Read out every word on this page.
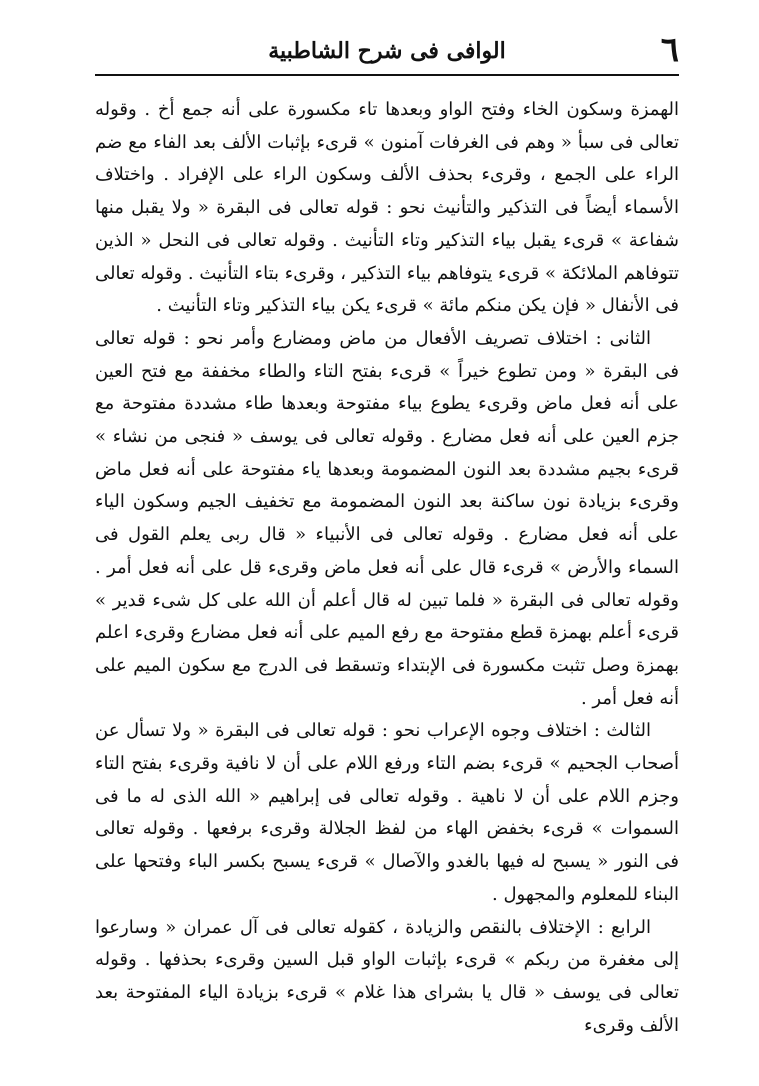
٦
الوافى فى شرح الشاطبية

الهمزة وسكون الخاء وفتح الواو وبعدها تاء مكسورة على أنه جمع أخ . وقوله تعالى فى سبأ « وهم فى الغرفات آمنون » قرىء بإثبات الألف بعد الفاء مع ضم الراء على الجمع ، وقرىء بحذف الألف وسكون الراء على الإفراد . واختلاف الأسماء أيضاً فى التذكير والتأنيث نحو : قوله تعالى فى البقرة « ولا يقبل منها شفاعة » قرىء يقبل بياء التذكير وتاء التأنيث . وقوله تعالى فى النحل « الذين تتوفاهم الملائكة » قرىء يتوفاهم بياء التذكير ، وقرىء بتاء التأنيث . وقوله تعالى فى الأنفال « فإن يكن منكم مائة » قرىء يكن بياء التذكير وتاء التأنيث .

الثانى : اختلاف تصريف الأفعال من ماض ومضارع وأمر نحو : قوله تعالى فى البقرة « ومن تطوع خيراً » قرىء بفتح التاء والطاء مخففة مع فتح العين على أنه فعل ماض وقرىء يطوع بياء مفتوحة وبعدها طاء مشددة مفتوحة مع جزم العين على أنه فعل مضارع . وقوله تعالى فى يوسف « فنجى من نشاء » قرىء بجيم مشددة بعد النون المضمومة وبعدها ياء مفتوحة على أنه فعل ماض وقرىء بزيادة نون ساكنة بعد النون المضمومة مع تخفيف الجيم وسكون الياء على أنه فعل مضارع . وقوله تعالى فى الأنبياء « قال ربى يعلم القول فى السماء والأرض » قرىء قال على أنه فعل ماض وقرىء قل على أنه فعل أمر . وقوله تعالى فى البقرة « فلما تبين له قال أعلم أن الله على كل شىء قدير » قرىء أعلم بهمزة قطع مفتوحة مع رفع الميم على أنه فعل مضارع وقرىء اعلم بهمزة وصل تثبت مكسورة فى الإبتداء وتسقط فى الدرج مع سكون الميم على أنه فعل أمر .

الثالث : اختلاف وجوه الإعراب نحو : قوله تعالى فى البقرة « ولا تسأل عن أصحاب الجحيم » قرىء بضم التاء ورفع اللام على أن لا نافية وقرىء بفتح التاء وجزم اللام على أن لا ناهية . وقوله تعالى فى إبراهيم « الله الذى له ما فى السموات » قرىء بخفض الهاء من لفظ الجلالة وقرىء برفعها . وقوله تعالى فى النور « يسبح له فيها بالغدو والآصال » قرىء يسبح بكسر الباء وفتحها على البناء للمعلوم والمجهول .

الرابع : الإختلاف بالنقص والزيادة ، كقوله تعالى فى آل عمران « وسارعوا إلى مغفرة من ربكم » قرىء بإثبات الواو قبل السين وقرىء بحذفها . وقوله تعالى فى يوسف « قال يا بشراى هذا غلام » قرىء بزيادة الياء المفتوحة بعد الألف وقرىء
